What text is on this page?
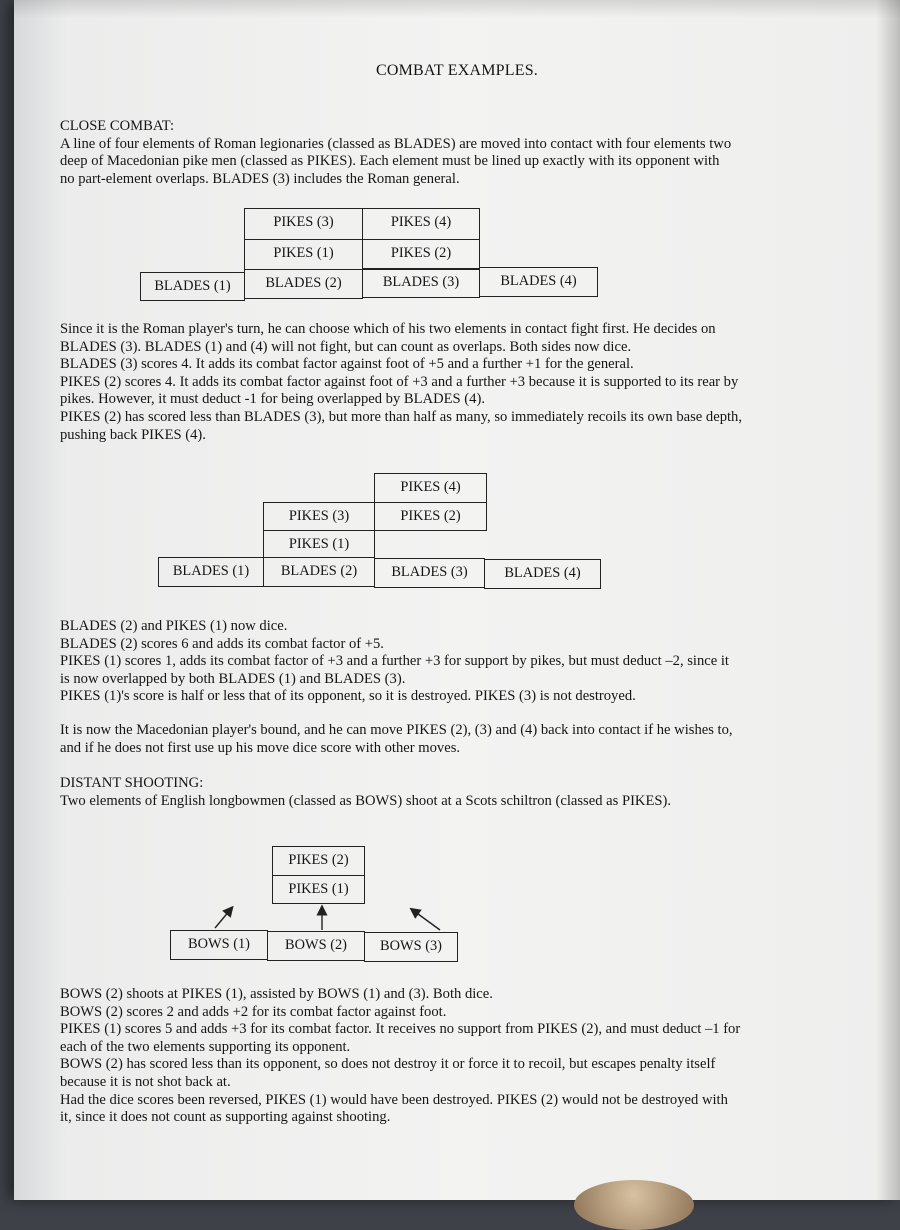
COMBAT EXAMPLES.
CLOSE COMBAT:
A line of four elements of Roman legionaries (classed as BLADES) are moved into contact with four elements two
deep of Macedonian pike men (classed as PIKES). Each element must be lined up exactly with its opponent with
no part-element overlaps. BLADES (3) includes the Roman general.
PIKES (3)	PIKES (4)
PIKES (1)	PIKES (2)
BLADES (1)	BLADES (2)	BLADES (3)	BLADES (4)
Since it is the Roman player's turn, he can choose which of his two elements in contact fight first. He decides on
BLADES (3). BLADES (1) and (4) will not fight, but can count as overlaps. Both sides now dice.
BLADES (3) scores 4. It adds its combat factor against foot of +5 and a further +1 for the general.
PIKES (2) scores 4. It adds its combat factor against foot of +3 and a further +3 because it is supported to its rear by
pikes. However, it must deduct -1 for being overlapped by BLADES (4).
PIKES (2) has scored less than BLADES (3), but more than half as many, so immediately recoils its own base depth,
pushing back PIKES (4).
PIKES (4)
PIKES (3)	PIKES (2)
PIKES (1)
BLADES (1)	BLADES (2)	BLADES (3)	BLADES (4)
BLADES (2) and PIKES (1) now dice.
BLADES (2) scores 6 and adds its combat factor of +5.
PIKES (1) scores 1, adds its combat factor of +3 and a further +3 for support by pikes, but must deduct –2, since it
is now overlapped by both BLADES (1) and BLADES (3).
PIKES (1)'s score is half or less that of its opponent, so it is destroyed. PIKES (3) is not destroyed.
It is now the Macedonian player's bound, and he can move PIKES (2), (3) and (4) back into contact if he wishes to,
and if he does not first use up his move dice score with other moves.
DISTANT SHOOTING:
Two elements of English longbowmen (classed as BOWS) shoot at a Scots schiltron (classed as PIKES).
PIKES (2)
PIKES (1)
BOWS (1)	BOWS (2)	BOWS (3)
BOWS (2) shoots at PIKES (1), assisted by BOWS (1) and (3). Both dice.
BOWS (2) scores 2 and adds +2 for its combat factor against foot.
PIKES (1) scores 5 and adds +3 for its combat factor. It receives no support from PIKES (2), and must deduct –1 for
each of the two elements supporting its opponent.
BOWS (2) has scored less than its opponent, so does not destroy it or force it to recoil, but escapes penalty itself
because it is not shot back at.
Had the dice scores been reversed, PIKES (1) would have been destroyed. PIKES (2) would not be destroyed with
it, since it does not count as supporting against shooting.
